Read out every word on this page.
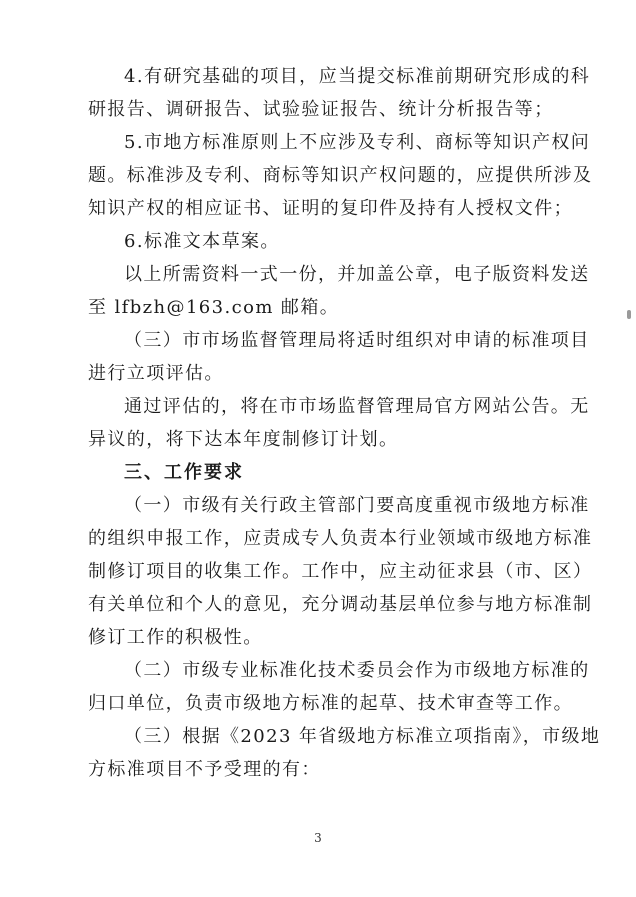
4.有研究基础的项目，应当提交标准前期研究形成的科

研报告、调研报告、试验验证报告、统计分析报告等；

5.市地方标准原则上不应涉及专利、商标等知识产权问

题。标准涉及专利、商标等知识产权问题的，应提供所涉及

知识产权的相应证书、证明的复印件及持有人授权文件；

6.标准文本草案。

以上所需资料一式一份，并加盖公章，电子版资料发送

至 lfbzh@163.com 邮箱。

（三）市市场监督管理局将适时组织对申请的标准项目

进行立项评估。

通过评估的，将在市市场监督管理局官方网站公告。无

异议的，将下达本年度制修订计划。

三、工作要求

（一）市级有关行政主管部门要高度重视市级地方标准

的组织申报工作，应责成专人负责本行业领域市级地方标准

制修订项目的收集工作。工作中，应主动征求县（市、区）

有关单位和个人的意见，充分调动基层单位参与地方标准制

修订工作的积极性。

（二）市级专业标准化技术委员会作为市级地方标准的

归口单位，负责市级地方标准的起草、技术审查等工作。

（三）根据《2023 年省级地方标准立项指南》，市级地

方标准项目不予受理的有：

3
